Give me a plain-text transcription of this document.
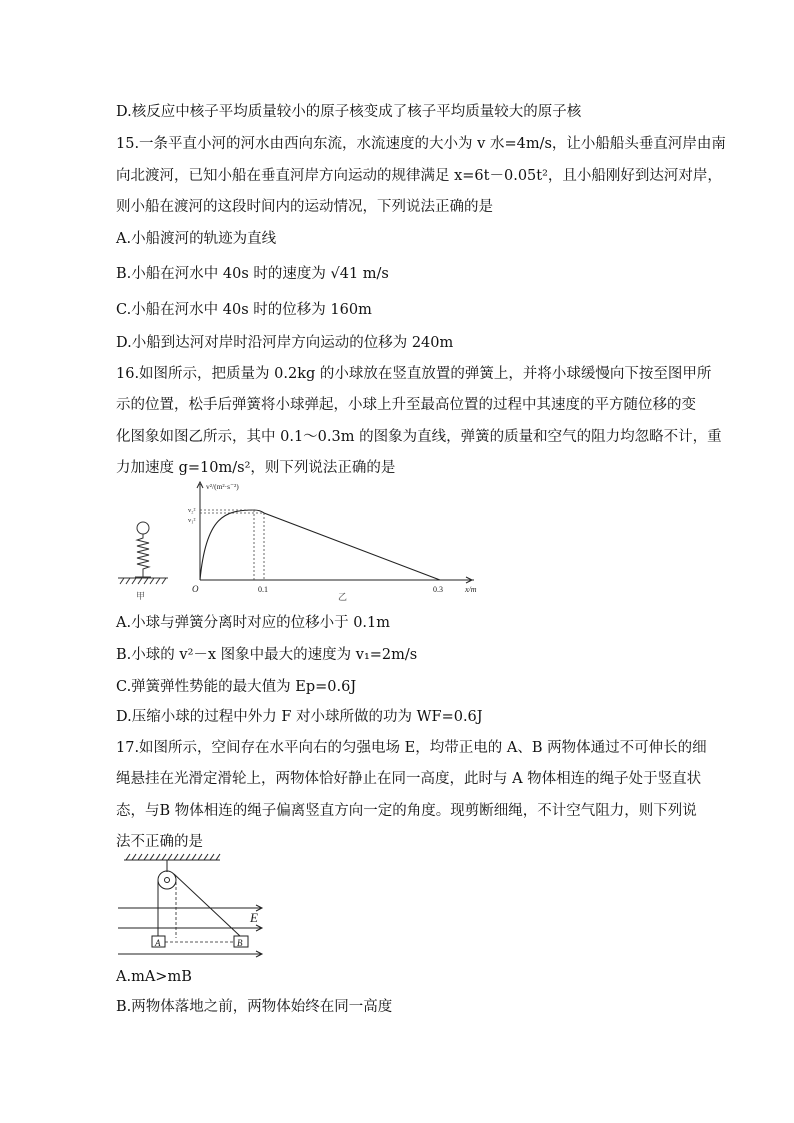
D.核反应中核子平均质量较小的原子核变成了核子平均质量较大的原子核
15.一条平直小河的河水由西向东流，水流速度的大小为 v 水=4m/s，让小船船头垂直河岸由南
向北渡河，已知小船在垂直河岸方向运动的规律满足 x=6t－0.05t²，且小船刚好到达河对岸，
则小船在渡河的这段时间内的运动情况，下列说法正确的是
A.小船渡河的轨迹为直线
B.小船在河水中 40s 时的速度为 √41 m/s
C.小船在河水中 40s 时的位移为 160m
D.小船到达河对岸时沿河岸方向运动的位移为 240m
16.如图所示，把质量为 0.2kg 的小球放在竖直放置的弹簧上，并将小球缓慢向下按至图甲所
示的位置，松手后弹簧将小球弹起，小球上升至最高位置的过程中其速度的平方随位移的变
化图象如图乙所示，其中 0.1～0.3m 的图象为直线，弹簧的质量和空气的阻力均忽略不计，重
力加速度 g=10m/s²，则下列说法正确的是
甲
v²/(m²·s⁻²)
v₂²
v₁²
O	0.1	0.3	x/m
乙
A.小球与弹簧分离时对应的位移小于 0.1m
B.小球的 v²－x 图象中最大的速度为 v₁=2m/s
C.弹簧弹性势能的最大值为 Ep=0.6J
D.压缩小球的过程中外力 F 对小球所做的功为 WF=0.6J
17.如图所示，空间存在水平向右的匀强电场 E，均带正电的 A、B 两物体通过不可伸长的细
绳悬挂在光滑定滑轮上，两物体恰好静止在同一高度，此时与 A 物体相连的绳子处于竖直状
态，与B 物体相连的绳子偏离竖直方向一定的角度。现剪断细绳，不计空气阻力，则下列说
法不正确的是
E
A	B
A.mA>mB
B.两物体落地之前，两物体始终在同一高度
